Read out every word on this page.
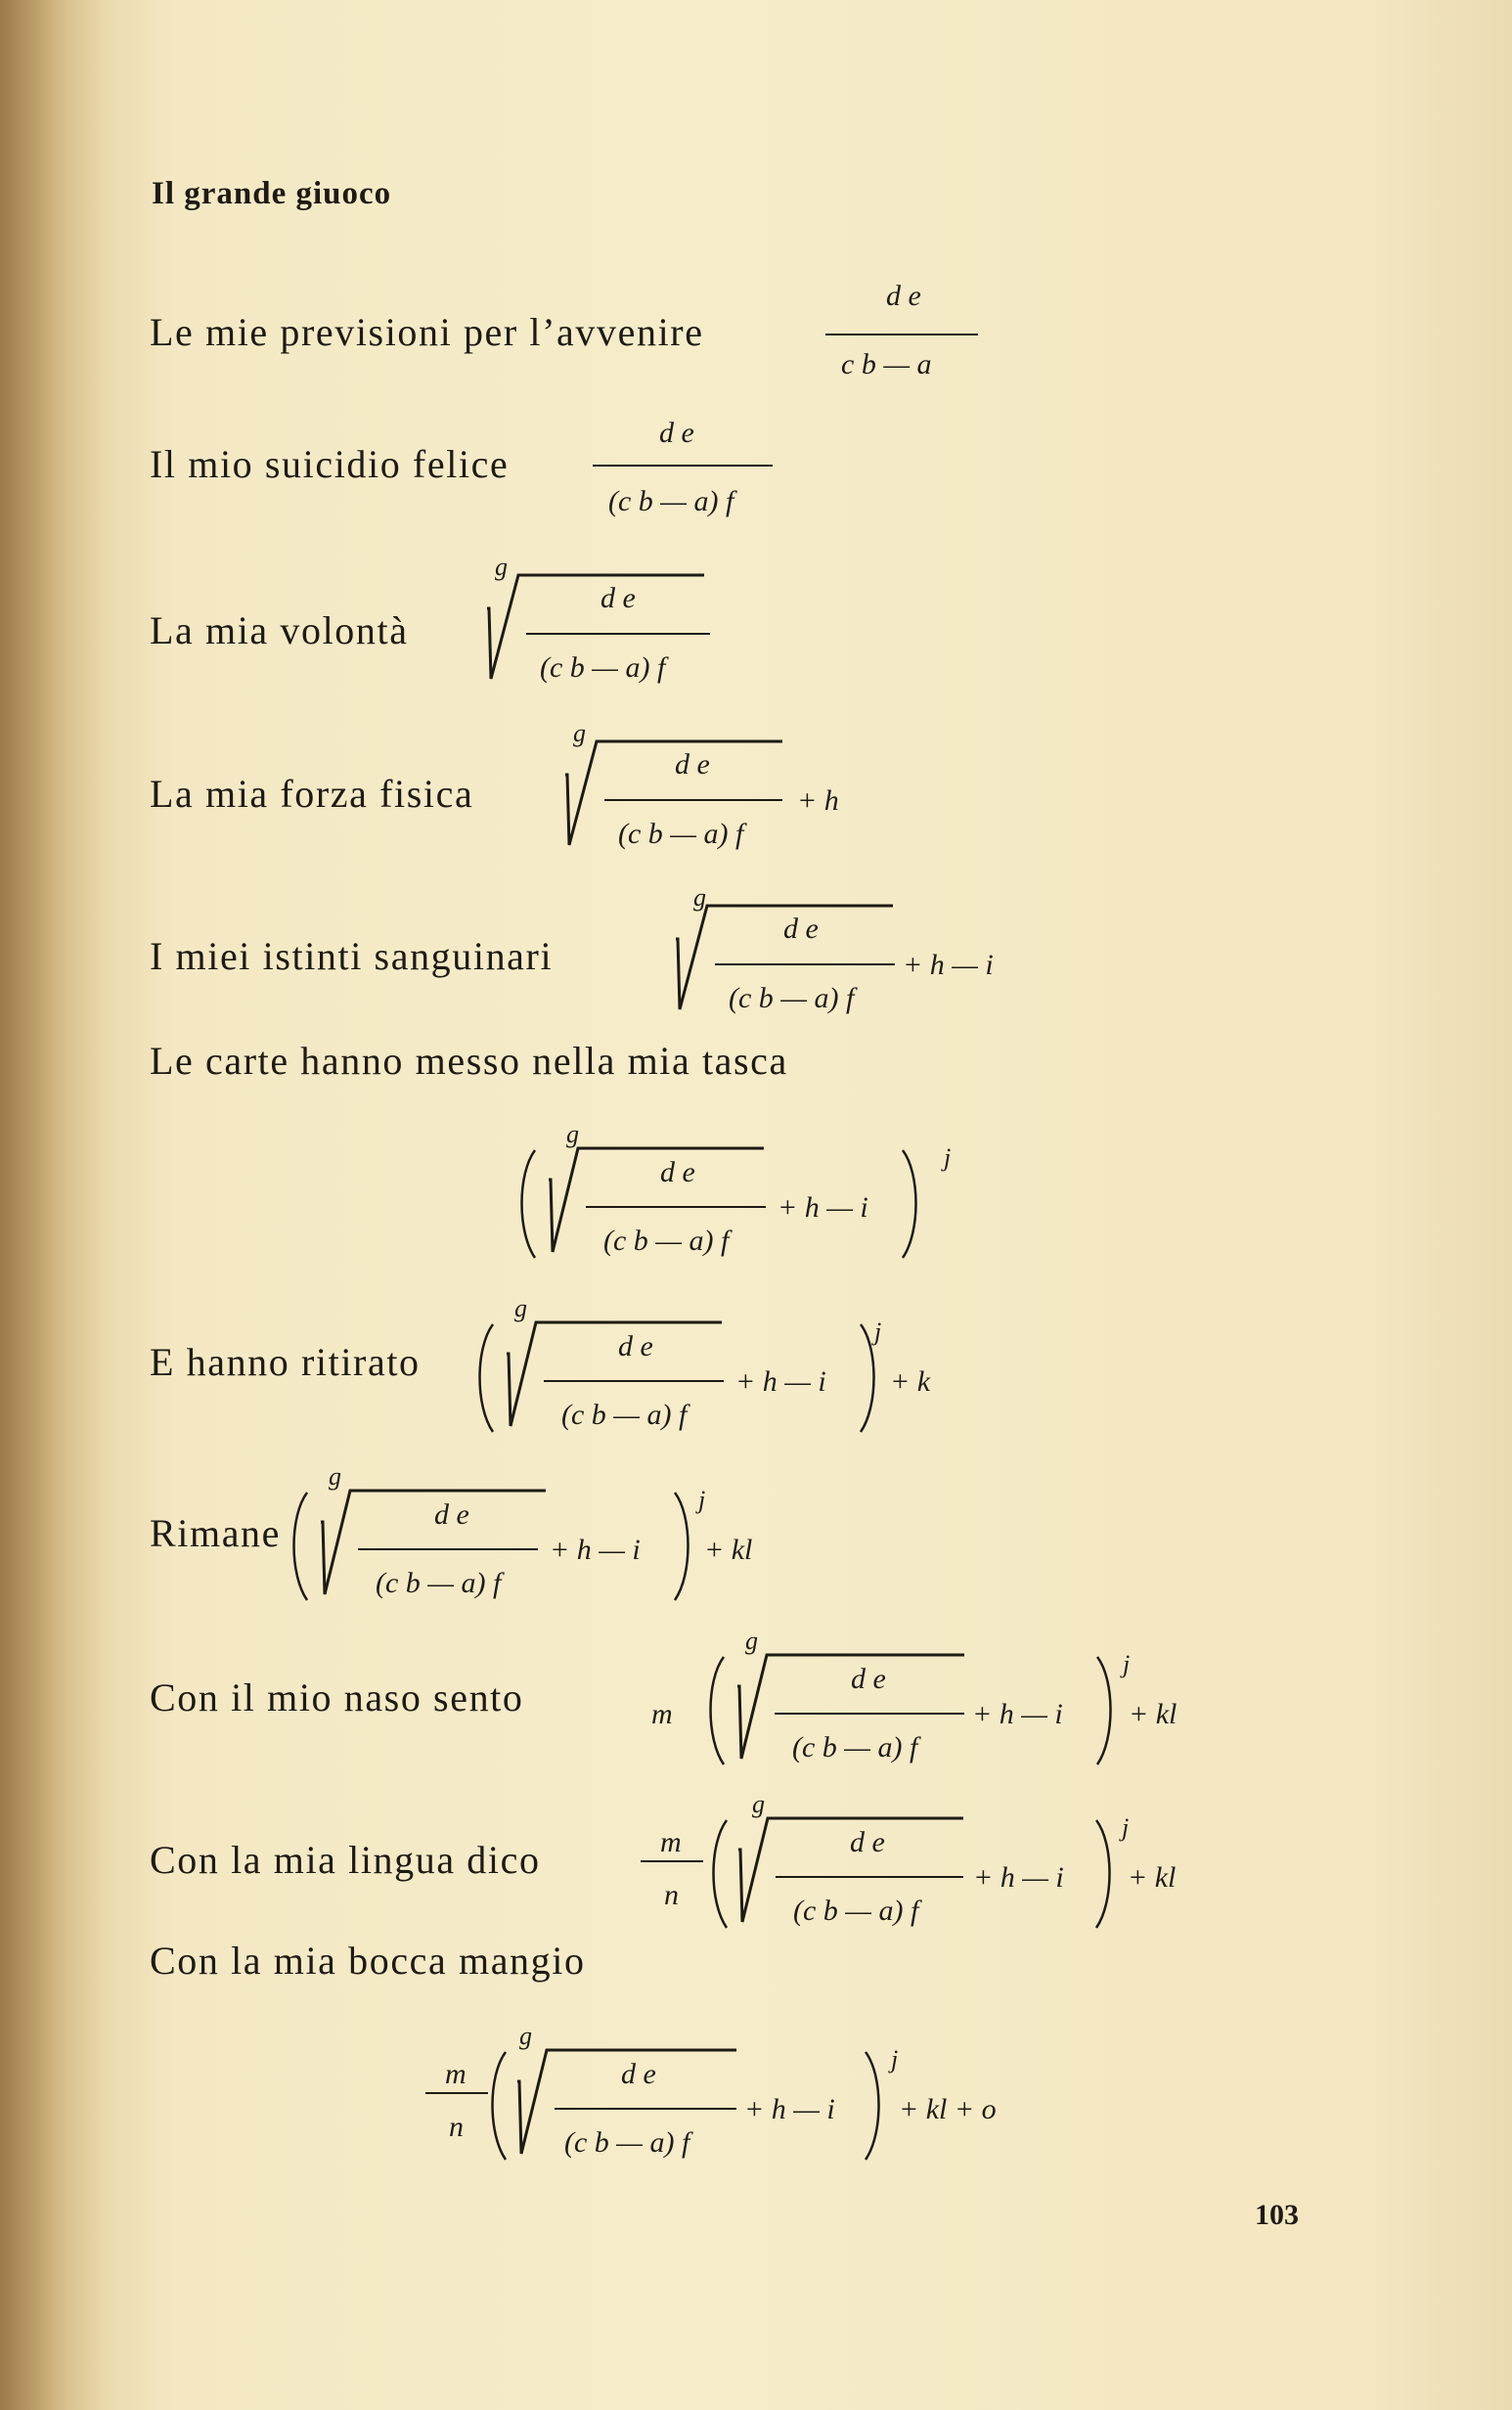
Il grande giuoco
Le mie previsioni per l’avvenire
Il mio suicidio felice
La mia volontà
La mia forza fisica
I miei istinti sanguinari
Le carte hanno messo nella mia tasca
E hanno ritirato
Rimane
Con il mio naso sento
Con la mia lingua dico
Con la mia bocca mangio
d e
c b — a
d e
(c b — a) f
g
d e
(c b — a) f
g
d e
+ h
(c b — a) f
g
d e
+ h — i
(c b — a) f
g
d e
+ h — i
(c b — a) f
j
g
d e
+ h — i
(c b — a) f
j
+ k
g
d e
+ h — i
(c b — a) f
j
+ kl
m
g
d e
+ h — i
(c b — a) f
j
+ kl
m
n
g
d e
+ h — i
(c b — a) f
j
+ kl
m
n
g
d e
+ h — i
(c b — a) f
j
+ kl + o
103
